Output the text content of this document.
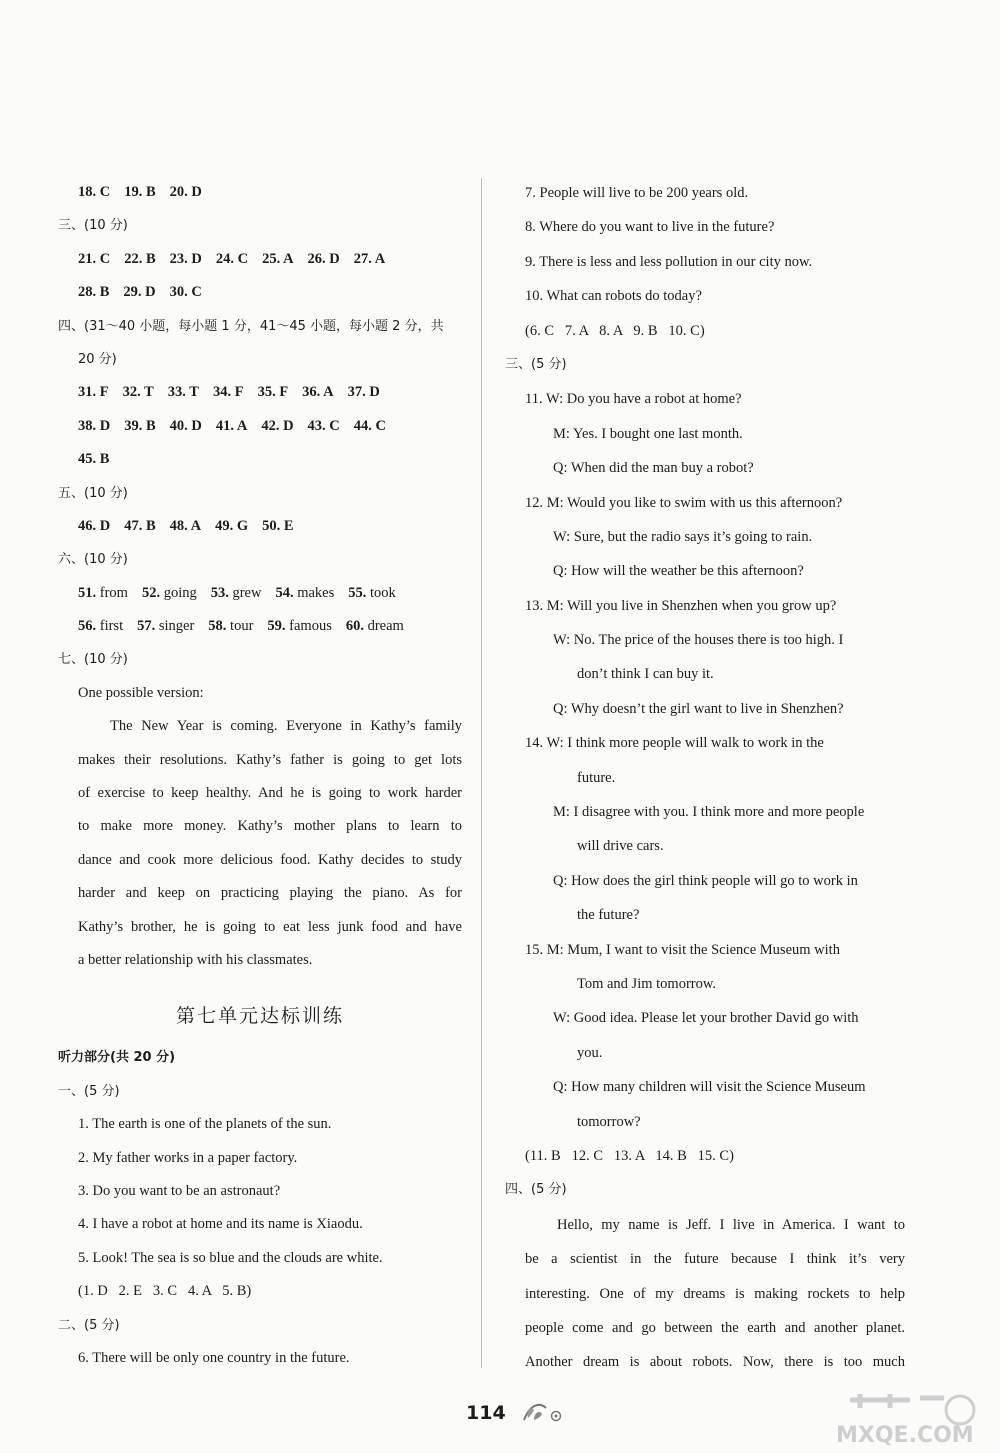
18. C 19. B 20. D
三、(10 分)
21. C 22. B 23. D 24. C 25. A 26. D 27. A
28. B 29. D 30. C
四、(31～40 小题，每小题 1 分，41～45 小题，每小题 2 分，共
20 分)
31. F 32. T 33. T 34. F 35. F 36. A 37. D
38. D 39. B 40. D 41. A 42. D 43. C 44. C
45. B
五、(10 分)
46. D 47. B 48. A 49. G 50. E
六、(10 分)
51. from 52. going 53. grew 54. makes 55. took
56. first 57. singer 58. tour 59. famous 60. dream
七、(10 分)
One possible version:
The New Year is coming. Everyone in Kathy’s family
makes their resolutions. Kathy’s father is going to get lots
of exercise to keep healthy. And he is going to work harder
to make more money. Kathy’s mother plans to learn to
dance and cook more delicious food. Kathy decides to study
harder and keep on practicing playing the piano. As for
Kathy’s brother, he is going to eat less junk food and have
a better relationship with his classmates.
第七单元达标训练
听力部分(共 20 分)
一、(5 分)
1. The earth is one of the planets of the sun.
2. My father works in a paper factory.
3. Do you want to be an astronaut?
4. I have a robot at home and its name is Xiaodu.
5. Look! The sea is so blue and the clouds are white.
(1. D   2. E   3. C   4. A   5. B)
二、(5 分)
6. There will be only one country in the future.
7. People will live to be 200 years old.
8. Where do you want to live in the future?
9. There is less and less pollution in our city now.
10. What can robots do today?
(6. C   7. A   8. A   9. B   10. C)
三、(5 分)
11. W: Do you have a robot at home?
M: Yes. I bought one last month.
Q: When did the man buy a robot?
12. M: Would you like to swim with us this afternoon?
W: Sure, but the radio says it’s going to rain.
Q: How will the weather be this afternoon?
13. M: Will you live in Shenzhen when you grow up?
W: No. The price of the houses there is too high. I
don’t think I can buy it.
Q: Why doesn’t the girl want to live in Shenzhen?
14. W: I think more people will walk to work in the
future.
M: I disagree with you. I think more and more people
will drive cars.
Q: How does the girl think people will go to work in
the future?
15. M: Mum, I want to visit the Science Museum with
Tom and Jim tomorrow.
W: Good idea. Please let your brother David go with
you.
Q: How many children will visit the Science Museum
tomorrow?
(11. B   12. C   13. A   14. B   15. C)
四、(5 分)
Hello, my name is Jeff. I live in America. I want to
be a scientist in the future because I think it’s very
interesting. One of my dreams is making rockets to help
people come and go between the earth and another planet.
Another dream is about robots. Now, there is too much
114
MXQE.COM
